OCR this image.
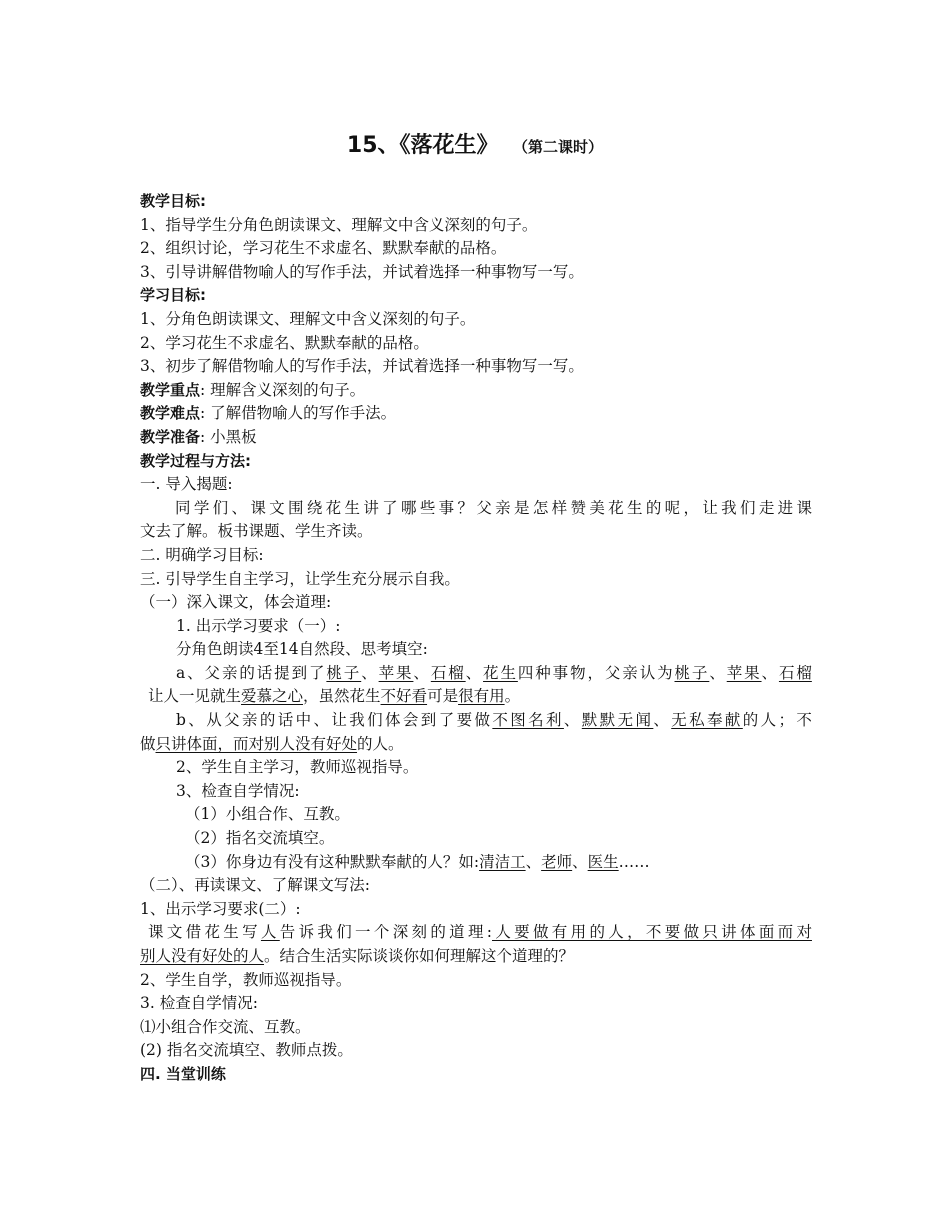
15、《落花生》 （第二课时）
教学目标:
1、指导学生分角色朗读课文、理解文中含义深刻的句子。
2、组织讨论，学习花生不求虚名、默默奉献的品格。
3、引导讲解借物喻人的写作手法，并试着选择一种事物写一写。
学习目标:
1、分角色朗读课文、理解文中含义深刻的句子。
2、学习花生不求虚名、默默奉献的品格。
3、初步了解借物喻人的写作手法，并试着选择一种事物写一写。
教学重点: 理解含义深刻的句子。
教学难点: 了解借物喻人的写作手法。
教学准备: 小黑板
教学过程与方法:
一. 导入揭题:
同学们、课文围绕花生讲了哪些事？父亲是怎样赞美花生的呢，让我们走进课
文去了解。板书课题、学生齐读。
二. 明确学习目标:
三. 引导学生自主学习，让学生充分展示自我。
（一）深入课文，体会道理:
1. 出示学习要求（一）:
分角色朗读4至14自然段、思考填空:
a、父亲的话提到了桃子、苹果、石榴、花生四种事物，父亲认为桃子、苹果、石榴
让人一见就生爱慕之心，虽然花生不好看可是很有用。
b、从父亲的话中、让我们体会到了要做不图名利、默默无闻、无私奉献的人；不
做只讲体面，而对别人没有好处的人。
2、学生自主学习，教师巡视指导。
3、检查自学情况:
（1）小组合作、互教。
（2）指名交流填空。
（3）你身边有没有这种默默奉献的人？如:清洁工、老师、医生……
（二）、再读课文、了解课文写法:
1、出示学习要求(二）:
课文借花生写人告诉我们一个深刻的道理:人要做有用的人，不要做只讲体面而对
别人没有好处的人。结合生活实际谈谈你如何理解这个道理的？
2、学生自学，教师巡视指导。
3. 检查自学情况:
⑴小组合作交流、互教。
(2) 指名交流填空、教师点拨。
四. 当堂训练
